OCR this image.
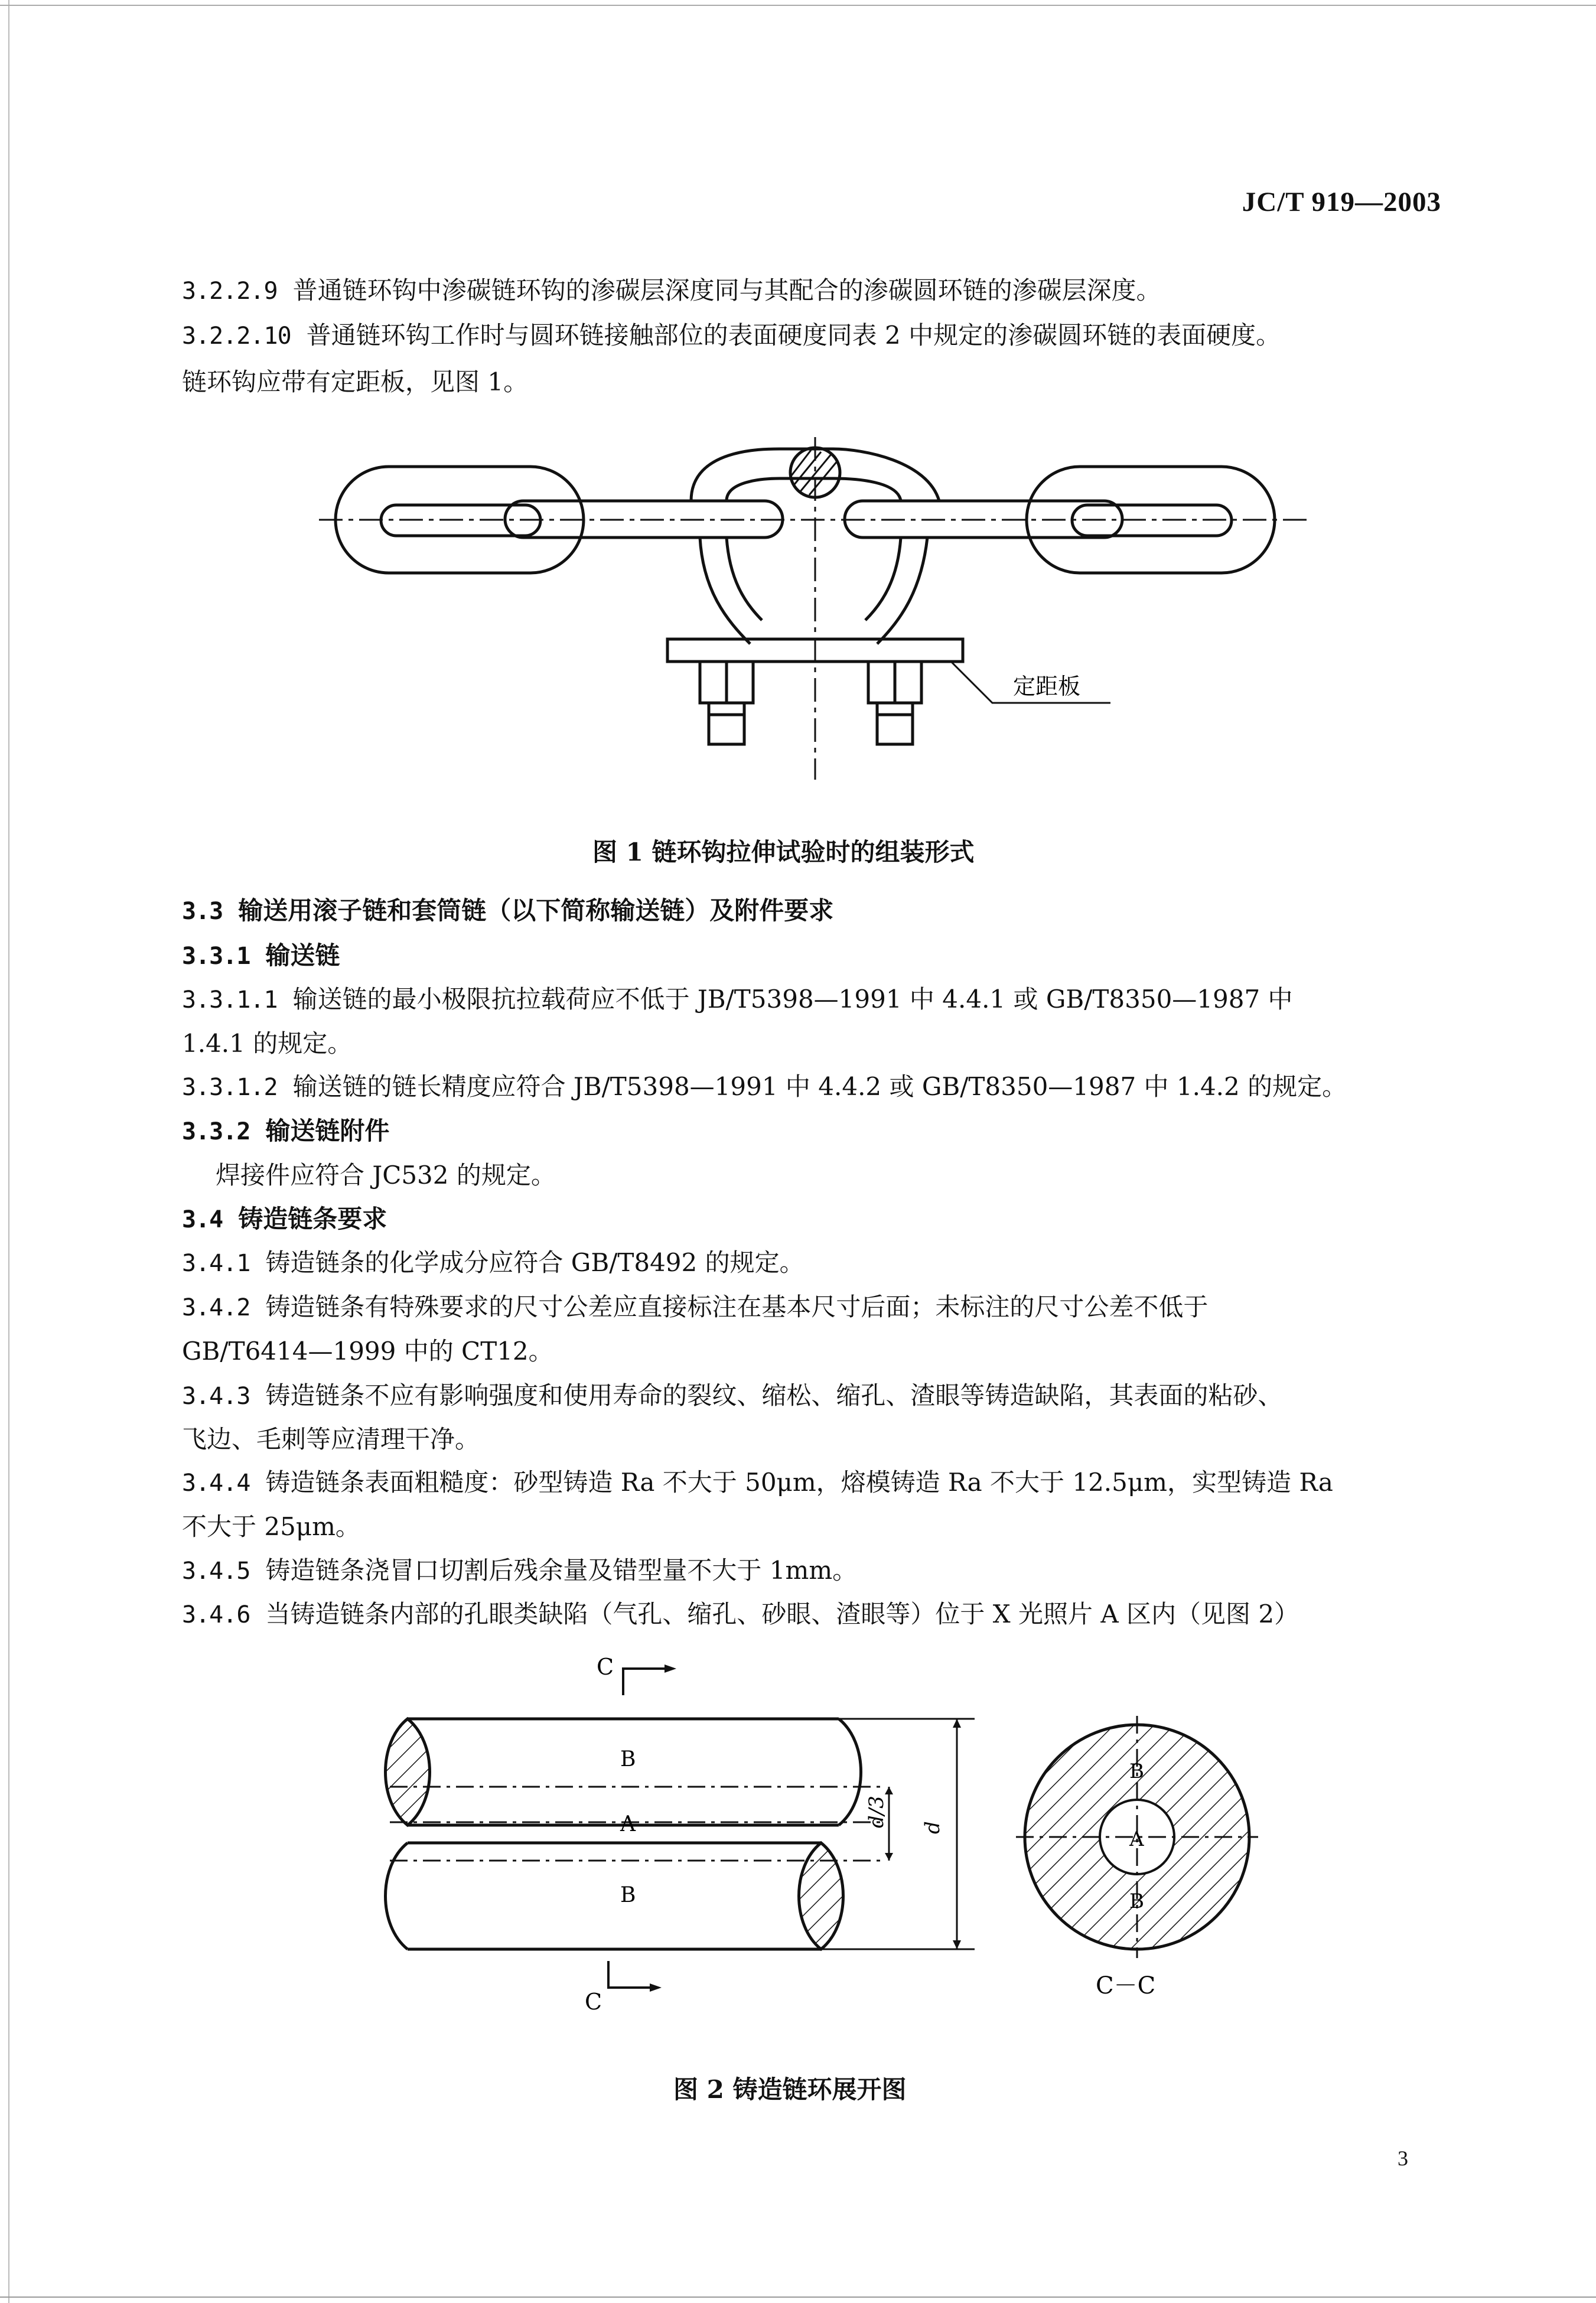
JC/T 919—2003
3.2.2.9 普通链环钩中渗碳链环钩的渗碳层深度同与其配合的渗碳圆环链的渗碳层深度。
3.2.2.10 普通链环钩工作时与圆环链接触部位的表面硬度同表 2 中规定的渗碳圆环链的表面硬度。
链环钩应带有定距板，见图 1。
定距板
图 1 链环钩拉伸试验时的组装形式
3.3 输送用滚子链和套筒链（以下简称输送链）及附件要求
3.3.1 输送链
3.3.1.1 输送链的最小极限抗拉载荷应不低于 JB/T5398—1991 中 4.4.1 或 GB/T8350—1987 中
1.4.1 的规定。
3.3.1.2 输送链的链长精度应符合 JB/T5398—1991 中 4.4.2 或 GB/T8350—1987 中 1.4.2 的规定。
3.3.2 输送链附件
焊接件应符合 JC532 的规定。
3.4 铸造链条要求
3.4.1 铸造链条的化学成分应符合 GB/T8492 的规定。
3.4.2 铸造链条有特殊要求的尺寸公差应直接标注在基本尺寸后面；未标注的尺寸公差不低于
GB/T6414—1999 中的 CT12。
3.4.3 铸造链条不应有影响强度和使用寿命的裂纹、缩松、缩孔、渣眼等铸造缺陷，其表面的粘砂、
飞边、毛刺等应清理干净。
3.4.4 铸造链条表面粗糙度：砂型铸造 Ra 不大于 50μm，熔模铸造 Ra 不大于 12.5μm，实型铸造 Ra
不大于 25μm。
3.4.5 铸造链条浇冒口切割后残余量及错型量不大于 1mm。
3.4.6 当铸造链条内部的孔眼类缺陷（气孔、缩孔、砂眼、渣眼等）位于 X 光照片 A 区内（见图 2）
C
B
A
B
d/3 d
C
B
A
B
C－C
图 2 铸造链环展开图
3
